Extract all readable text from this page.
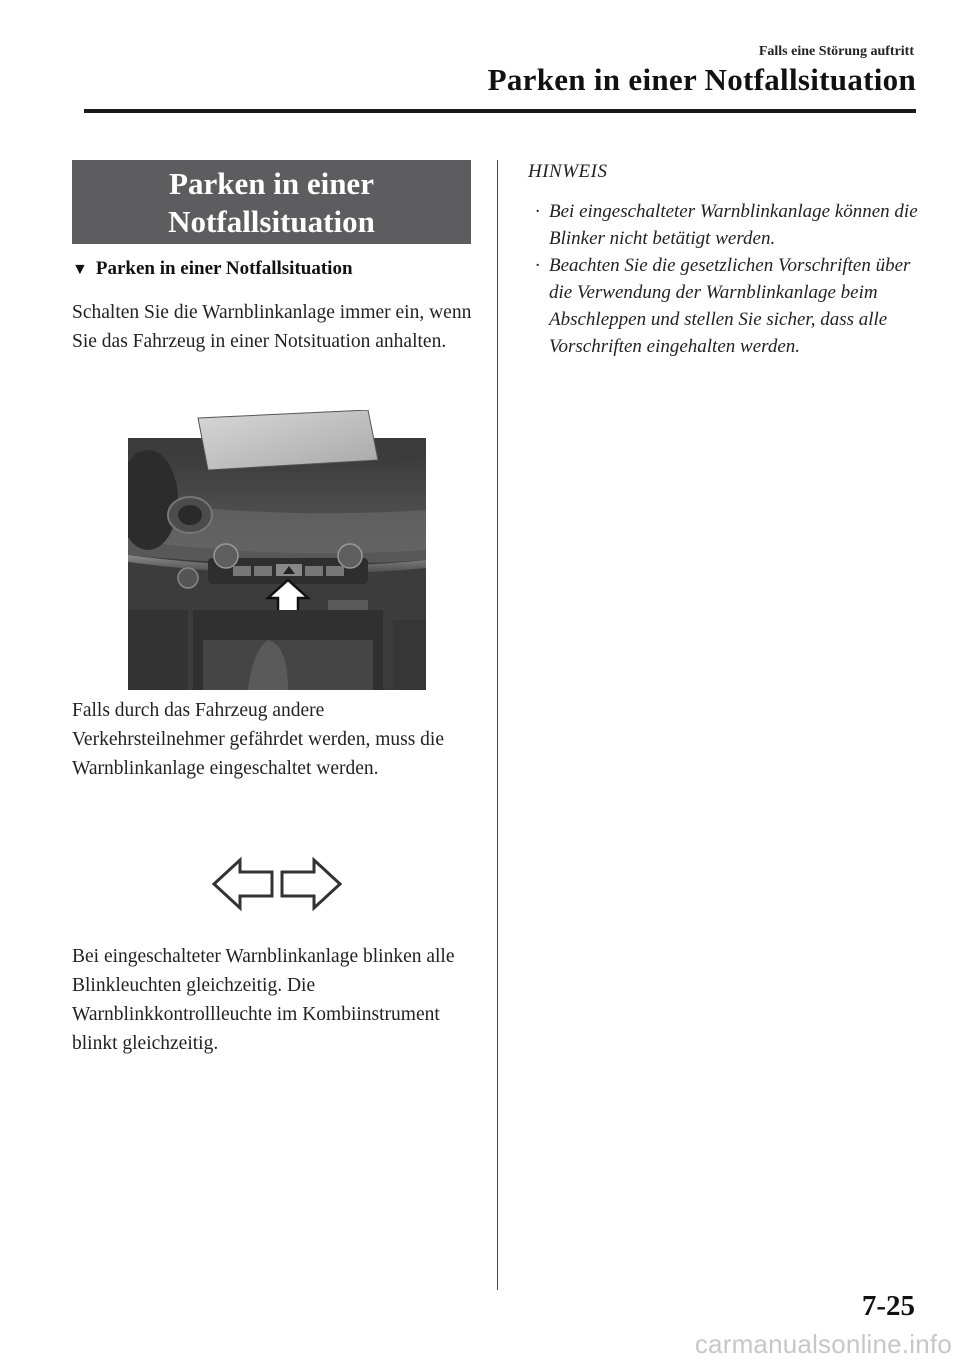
Falls eine Störung auftritt
Parken in einer Notfallsituation
Parken in einer
Notfallsituation
▼ Parken in einer Notfallsituation
Schalten Sie die Warnblinkanlage immer ein, wenn Sie das Fahrzeug in einer Notsituation anhalten.
Falls durch das Fahrzeug andere Verkehrsteilnehmer gefährdet werden, muss die Warnblinkanlage eingeschaltet werden.
Bei eingeschalteter Warnblinkanlage blinken alle Blinkleuchten gleichzeitig. Die Warnblinkkontrollleuchte im Kombiinstrument blinkt gleichzeitig.
HINWEIS
· Bei eingeschalteter Warnblinkanlage können die Blinker nicht betätigt werden.
· Beachten Sie die gesetzlichen Vorschriften über die Verwendung der Warnblinkanlage beim Abschleppen und stellen Sie sicher, dass alle Vorschriften eingehalten werden.
7-25
carmanualsonline.info
